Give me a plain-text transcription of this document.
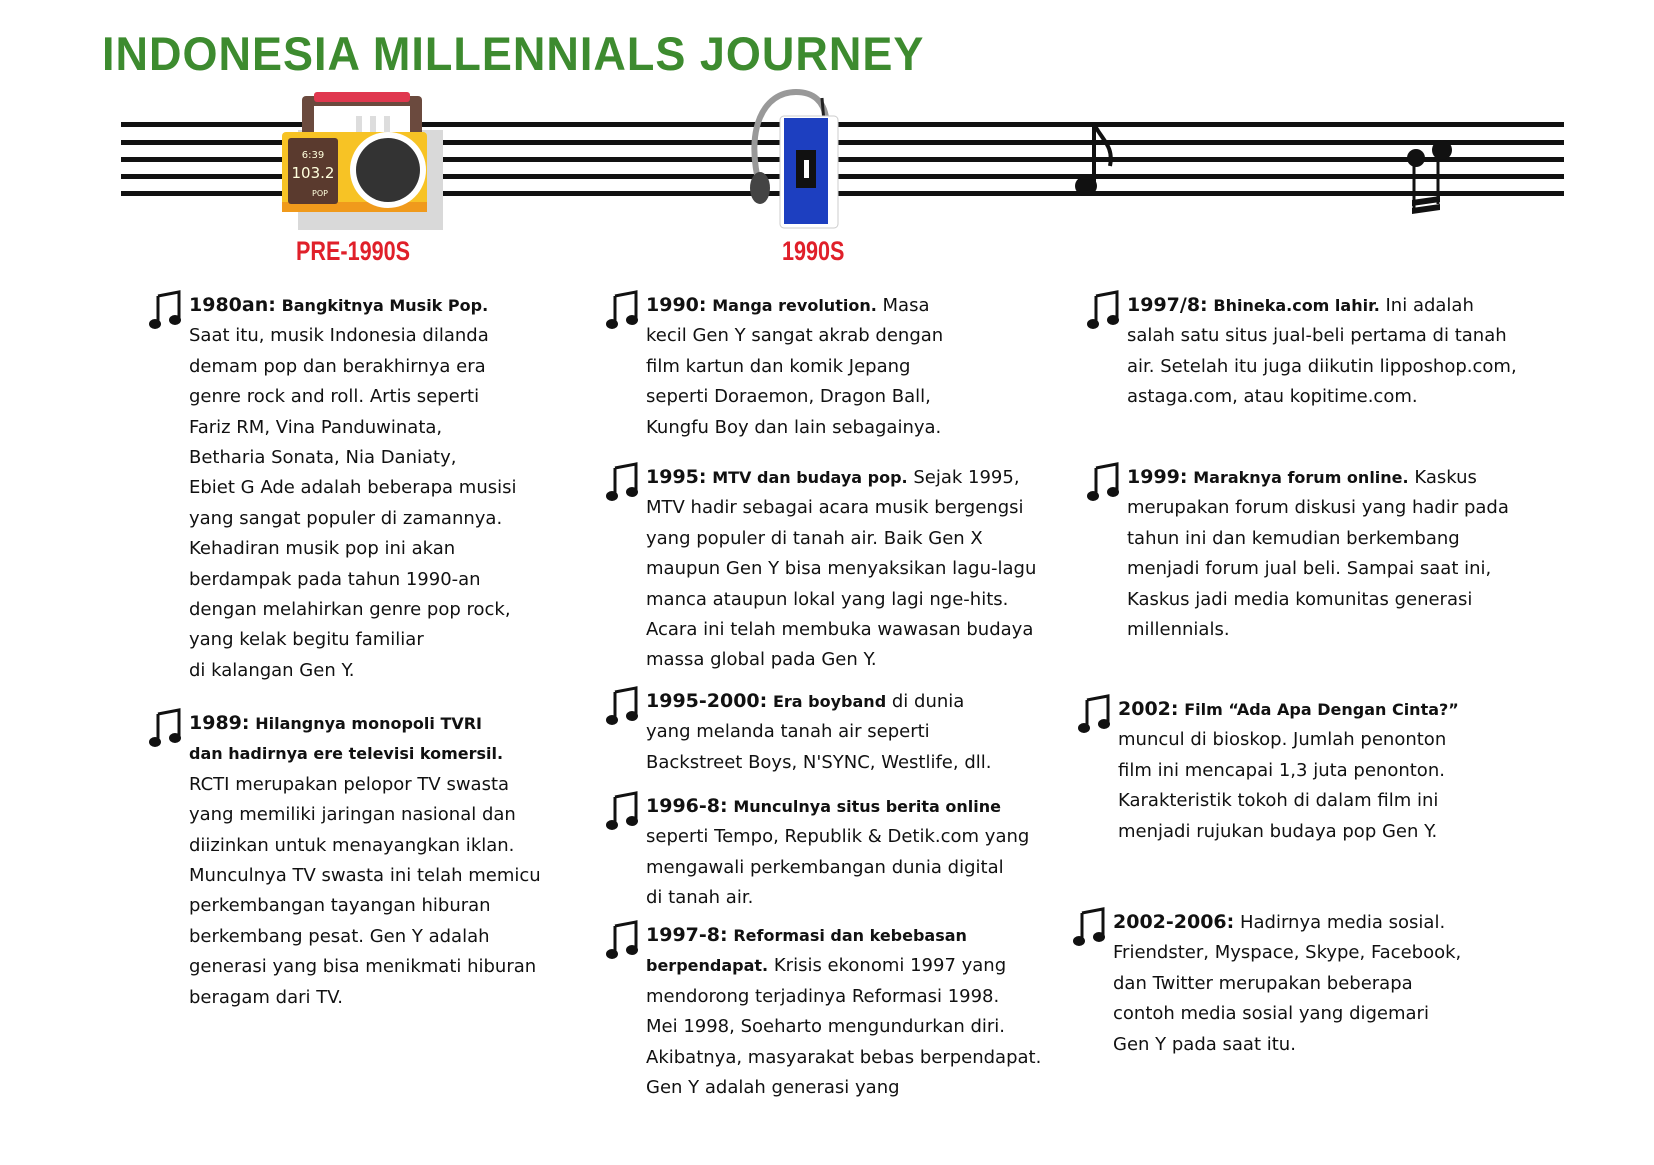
INDONESIA MILLENNIALS JOURNEY
6:39
103.2
POP
PRE-1990S	1990S
1980an: Bangkitnya Musik Pop.
Saat itu, musik Indonesia dilanda
demam pop dan berakhirnya era
genre rock and roll. Artis seperti
Fariz RM, Vina Panduwinata,
Betharia Sonata, Nia Daniaty,
Ebiet G Ade adalah beberapa musisi
yang sangat populer di zamannya.
Kehadiran musik pop ini akan
berdampak pada tahun 1990-an
dengan melahirkan genre pop rock,
yang kelak begitu familiar
di kalangan Gen Y.
1989: Hilangnya monopoli TVRI
dan hadirnya ere televisi komersil.
RCTI merupakan pelopor TV swasta
yang memiliki jaringan nasional dan
diizinkan untuk menayangkan iklan.
Munculnya TV swasta ini telah memicu
perkembangan tayangan hiburan
berkembang pesat. Gen Y adalah
generasi yang bisa menikmati hiburan
beragam dari TV.
1990: Manga revolution. Masa
kecil Gen Y sangat akrab dengan
film kartun dan komik Jepang
seperti Doraemon, Dragon Ball,
Kungfu Boy dan lain sebagainya.
1995: MTV dan budaya pop. Sejak 1995,
MTV hadir sebagai acara musik bergengsi
yang populer di tanah air. Baik Gen X
maupun Gen Y bisa menyaksikan lagu-lagu
manca ataupun lokal yang lagi nge-hits.
Acara ini telah membuka wawasan budaya
massa global pada Gen Y.
1995-2000: Era boyband di dunia
yang melanda tanah air seperti
Backstreet Boys, N'SYNC, Westlife, dll.
1996-8: Munculnya situs berita online
seperti Tempo, Republik & Detik.com yang
mengawali perkembangan dunia digital
di tanah air.
1997-8: Reformasi dan kebebasan
berpendapat. Krisis ekonomi 1997 yang
mendorong terjadinya Reformasi 1998.
Mei 1998, Soeharto mengundurkan diri.
Akibatnya, masyarakat bebas berpendapat.
Gen Y adalah generasi yang
1997/8: Bhineka.com lahir. Ini adalah
salah satu situs jual-beli pertama di tanah
air. Setelah itu juga diikutin lipposhop.com,
astaga.com, atau kopitime.com.
1999: Maraknya forum online. Kaskus
merupakan forum diskusi yang hadir pada
tahun ini dan kemudian berkembang
menjadi forum jual beli. Sampai saat ini,
Kaskus jadi media komunitas generasi
millennials.
2002: Film “Ada Apa Dengan Cinta?”
muncul di bioskop. Jumlah penonton
film ini mencapai 1,3 juta penonton.
Karakteristik tokoh di dalam film ini
menjadi rujukan budaya pop Gen Y.
2002-2006: Hadirnya media sosial.
Friendster, Myspace, Skype, Facebook,
dan Twitter merupakan beberapa
contoh media sosial yang digemari
Gen Y pada saat itu.
